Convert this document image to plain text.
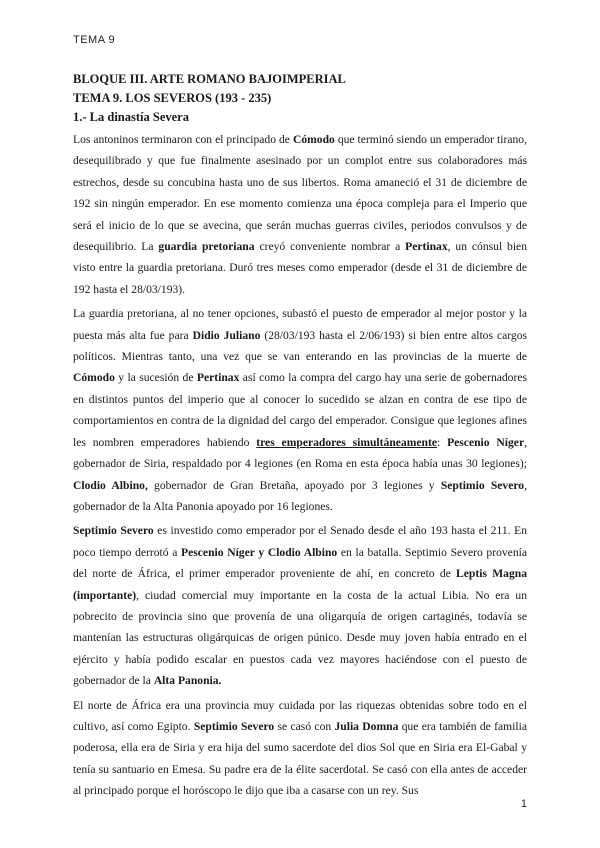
TEMA 9
BLOQUE III. ARTE ROMANO BAJOIMPERIAL
TEMA 9. LOS SEVEROS (193 - 235)
1.- La dinastía Severa

Los antoninos terminaron con el principado de Cómodo que terminó siendo un emperador tirano, desequilibrado y que fue finalmente asesinado por un complot entre sus colaboradores más estrechos, desde su concubina hasta uno de sus libertos. Roma amaneció el 31 de diciembre de 192 sin ningún emperador. En ese momento comienza una época compleja para el Imperio que será el inicio de lo que se avecina, que serán muchas guerras civiles, periodos convulsos y de desequilibrio. La guardia pretoriana creyó conveniente nombrar a Pertinax, un cónsul bien visto entre la guardia pretoriana. Duró tres meses como emperador (desde el 31 de diciembre de 192 hasta el 28/03/193).

La guardia pretoriana, al no tener opciones, subastó el puesto de emperador al mejor postor y la puesta más alta fue para Didio Juliano (28/03/193 hasta el 2/06/193) si bien entre altos cargos políticos. Mientras tanto, una vez que se van enterando en las provincias de la muerte de Cómodo y la sucesión de Pertinax así como la compra del cargo hay una serie de gobernadores en distintos puntos del imperio que al conocer lo sucedido se alzan en contra de ese tipo de comportamientos en contra de la dignidad del cargo del emperador. Consigue que legiones afines les nombren emperadores habiendo tres emperadores simultáneamente: Pescenio Níger, gobernador de Siria, respaldado por 4 legiones (en Roma en esta época había unas 30 legiones); Clodio Albino, gobernador de Gran Bretaña, apoyado por 3 legiones y Septimio Severo, gobernador de la Alta Panonia apoyado por 16 legiones.

Septimio Severo es investido como emperador por el Senado desde el año 193 hasta el 211. En poco tiempo derrotó a Pescenio Níger y Clodio Albino en la batalla. Septimio Severo provenía del norte de África, el primer emperador proveniente de ahí, en concreto de Leptis Magna (importante), ciudad comercial muy importante en la costa de la actual Libia. No era un pobrecito de provincia sino que provenía de una oligarquía de origen cartaginés, todavía se mantenían las estructuras oligárquicas de origen púnico. Desde muy joven había entrado en el ejército y había podido escalar en puestos cada vez mayores haciéndose con el puesto de gobernador de la Alta Panonia.

El norte de África era una provincia muy cuidada por las riquezas obtenidas sobre todo en el cultivo, así como Egipto. Septimio Severo se casó con Julia Domna que era también de familia poderosa, ella era de Siria y era hija del sumo sacerdote del dios Sol que en Siria era El-Gabal y tenía su santuario en Emesa. Su padre era de la élite sacerdotal. Se casó con ella antes de acceder al principado porque el horóscopo le dijo que iba a casarse con un rey. Sus

1
